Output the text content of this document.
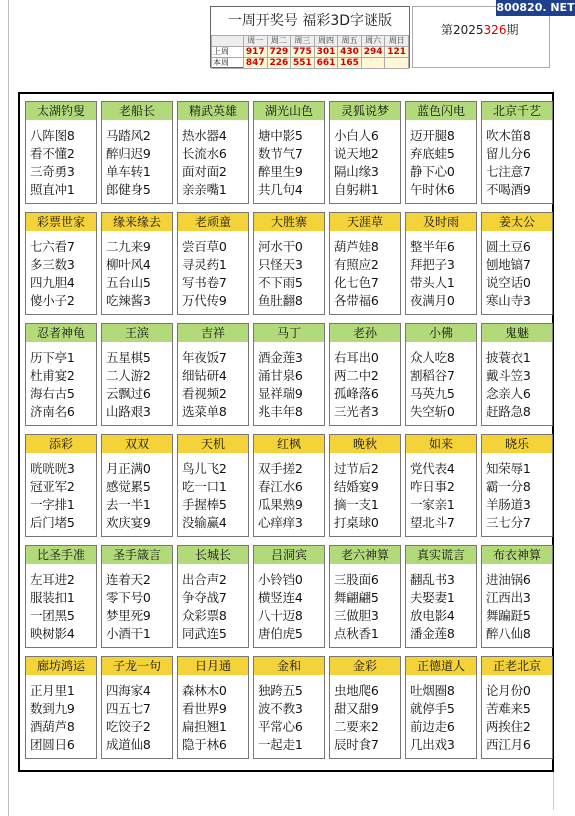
一周开奖号 福彩3D字谜版
	周一	周二	周三	周四	周五	周六	周日
上周	917	729	775	301	430	294	121
本周	847	226	551	661	165		
第2025326期
800820. NET
太湖钓叟
八阵图8
看不懂2
三奇勇3
照直冲1
老船长
马踏风2
醉归迟9
单车转1
郎健身5
精武英雄
热水器4
长流水6
面对面2
亲亲嘴1
湖光山色
塘中影5
数节气7
醉里生9
共几句4
灵狐说梦
小白人6
说天地2
隔山缘3
自躬耕1
蓝色闪电
迈开腿8
弃底蛙5
静下心0
午时休6
北京千艺
吹木笛8
留儿分6
七注意7
不喝酒9
彩票世家
七六看7
多三数3
四九胆4
傻小子2
缘来缘去
二九来9
柳叶风4
五台山5
吃辣酱3
老顽童
尝百草0
寻灵药1
写书卷7
万代传9
大胜寨
河水干0
只怪天3
不下雨5
鱼肚翻8
天涯草
葫芦娃8
有照应2
化七色7
各带福6
及时雨
整半年6
拜把子3
带头人1
夜满月0
姜太公
圆土豆6
刨地镐7
说空话0
寒山寺3
忍者神龟
历下亭1
杜甫宴2
海右古5
济南名6
王滨
五星棋5
二人游2
云飘过6
山路艰3
吉祥
年夜饭7
细钻研4
看视频2
选菜单8
马丁
酒金莲3
涌甘泉6
显祥瑞9
兆丰年8
老孙
右耳出0
两二中2
孤峰落6
三光者3
小佛
众人吃8
割稻谷7
马英九5
失空斩0
鬼魅
披蓑衣1
戴斗笠3
念亲人6
赶路急8
添彩
咣咣咣3
冠亚军2
一字排1
后门堵5
双双
月正满0
感觉累5
去一半1
欢庆宴9
天机
鸟儿飞2
吃一口1
手握棒5
没输赢4
红枫
双手搓2
春江水6
瓜果熟9
心痒痒3
晚秋
过节后2
结婚宴9
摘一支1
打桌球0
如来
党代表4
咋日事2
一家亲1
望北斗7
晓乐
知荣辱1
霸一分8
羊肠道3
三七分7
比圣手准
左耳进2
服装扣1
一团黑5
映树影4
圣手箴言
连着天2
零下号0
梦里死9
小酒干1
长城长
出合声2
争夺战7
众彩票8
同武连5
吕洞宾
小铃铛0
横竖连4
八十迈8
唐伯虎5
老六神算
三股面6
舞翩翩5
三做胆3
点秋香1
真实谎言
翻乱书3
夫娶妻1
放电影4
潘金莲8
布衣神算
进油锅6
江西出3
舞蹁跹5
醉八仙8
廊坊鸿运
正月里1
数到九9
酒葫芦8
团圆日6
子龙一句
四海家4
四五七7
吃饺子2
成道仙8
日月通
森林木0
看世界9
扁担翘1
隐于林6
金和
独跨五5
波不教3
平常心6
一起走1
金彩
虫地爬6
甜又甜9
二要来2
辰时食7
正德道人
吐烟圈8
就停手5
前边走6
几出戏3
正老北京
论月份0
苦难来5
两挨住2
西江月6
